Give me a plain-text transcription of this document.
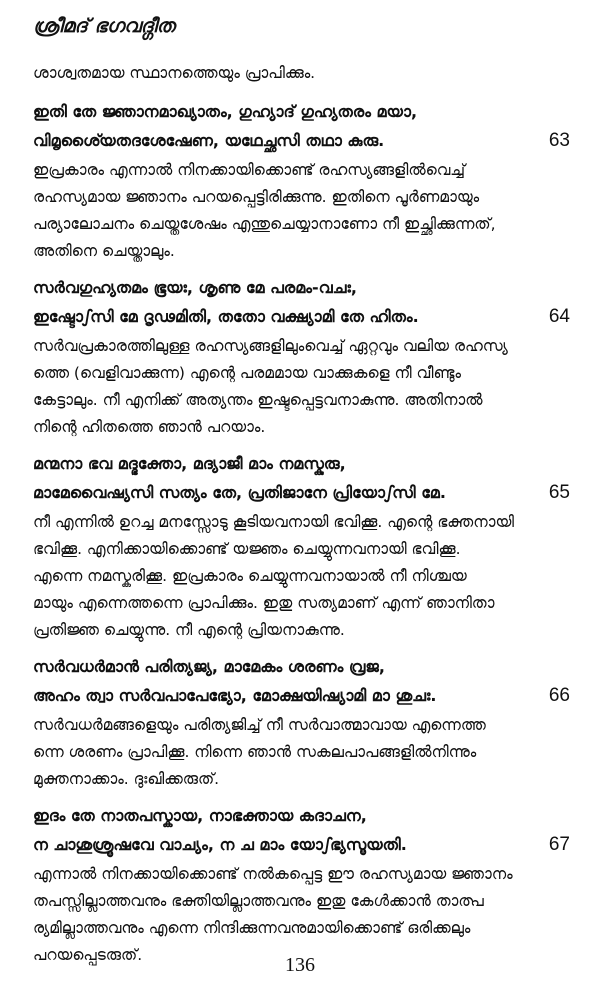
ശ്രീമദ് ഭഗവദ്ഗീത

ശാശ്വതമായ സ്ഥാനത്തെയും പ്രാപിക്കും.

ഇതി തേ ജ്ഞാനമാഖ്യാതം, ഗുഹ്യാദ് ഗുഹ്യതരം മയാ,
വിമൃശൈ്യതദശേഷേണ, യഥേച്ഛസി തഥാ കുരു.	63

ഇപ്രകാരം എന്നാൽ നിനക്കായിക്കൊണ്ട് രഹസ്യങ്ങളിൽവെച്ച്

രഹസ്യമായ ജ്ഞാനം പറയപ്പെട്ടിരിക്കുന്നു. ഇതിനെ പൂർണമായും

പര്യാലോചനം ചെയ്തശേഷം എന്തുചെയ്യാനാണോ നീ ഇച്ഛിക്കുന്നത്,

അതിനെ ചെയ്താലും.

സർവഗുഹ്യതമം ഭൂയഃ, ശൃണു മേ പരമം-വചഃ,
ഇഷ്ടോഽസി മേ ദൃഢമിതി, തതോ വക്ഷ്യാമി തേ ഹിതം.	64

സർവപ്രകാരത്തിലുള്ള രഹസ്യങ്ങളിലുംവെച്ച് ഏറ്റവും വലിയ രഹസ്യ

ത്തെ (വെളിവാക്കുന്ന) എന്റെ പരമമായ വാക്കുകളെ നീ വീണ്ടും

കേട്ടാലും. നീ എനിക്ക് അത്യന്തം ഇഷ്ടപ്പെട്ടവനാകുന്നു. അതിനാൽ

നിന്റെ ഹിതത്തെ ഞാൻ പറയാം.

മന്മനാ ഭവ മദ്ഭക്തോ, മദ്യാജീ മാം നമസ്കുരു,
മാമേവൈഷ്യസി സത്യം തേ, പ്രതിജാനേ പ്രിയോഽസി മേ.	65

നീ എന്നിൽ ഉറച്ച മനസ്സോടു കൂടിയവനായി ഭവിക്കൂ. എന്റെ ഭക്തനായി

ഭവിക്കൂ. എനിക്കായിക്കൊണ്ട് യജ്ഞം ചെയ്യുന്നവനായി ഭവിക്കൂ.

എന്നെ നമസ്കരിക്കൂ. ഇപ്രകാരം ചെയ്യുന്നവനായാൽ നീ നിശ്ചയ

മായും എന്നെത്തന്നെ പ്രാപിക്കും. ഇതു സത്യമാണ് എന്ന് ഞാനിതാ

പ്രതിജ്ഞ ചെയ്യുന്നു. നീ എന്റെ പ്രിയനാകുന്നു.

സർവധർമാൻ പരിത്യജ്യ, മാമേകം ശരണം വ്രജ,
അഹം ത്വാ സർവപാപേഭ്യോ, മോക്ഷയിഷ്യാമി മാ ശുചഃ.	66

സർവധർമങ്ങളെയും പരിത്യജിച്ച് നീ സർവാത്മാവായ എന്നെത്ത

ന്നെ ശരണം പ്രാപിക്കൂ. നിന്നെ ഞാൻ സകലപാപങ്ങളിൽനിന്നും

മുക്തനാക്കാം. ദുഃഖിക്കരുത്.

ഇദം തേ നാതപസ്കായ, നാഭക്തായ കദാചന,
ന ചാശുശ്രൂഷവേ വാച്യം, ന ച മാം യോഽഭ്യസൂയതി.	67

എന്നാൽ നിനക്കായിക്കൊണ്ട് നൽകപ്പെട്ട ഈ രഹസ്യമായ ജ്ഞാനം

തപസ്സില്ലാത്തവനും ഭക്തിയില്ലാത്തവനും ഇതു കേൾക്കാൻ താത്പ

ര്യമില്ലാത്തവനും എന്നെ നിന്ദിക്കുന്നവനുമായിക്കൊണ്ട് ഒരിക്കലും

പറയപ്പെടരുത്.	136
